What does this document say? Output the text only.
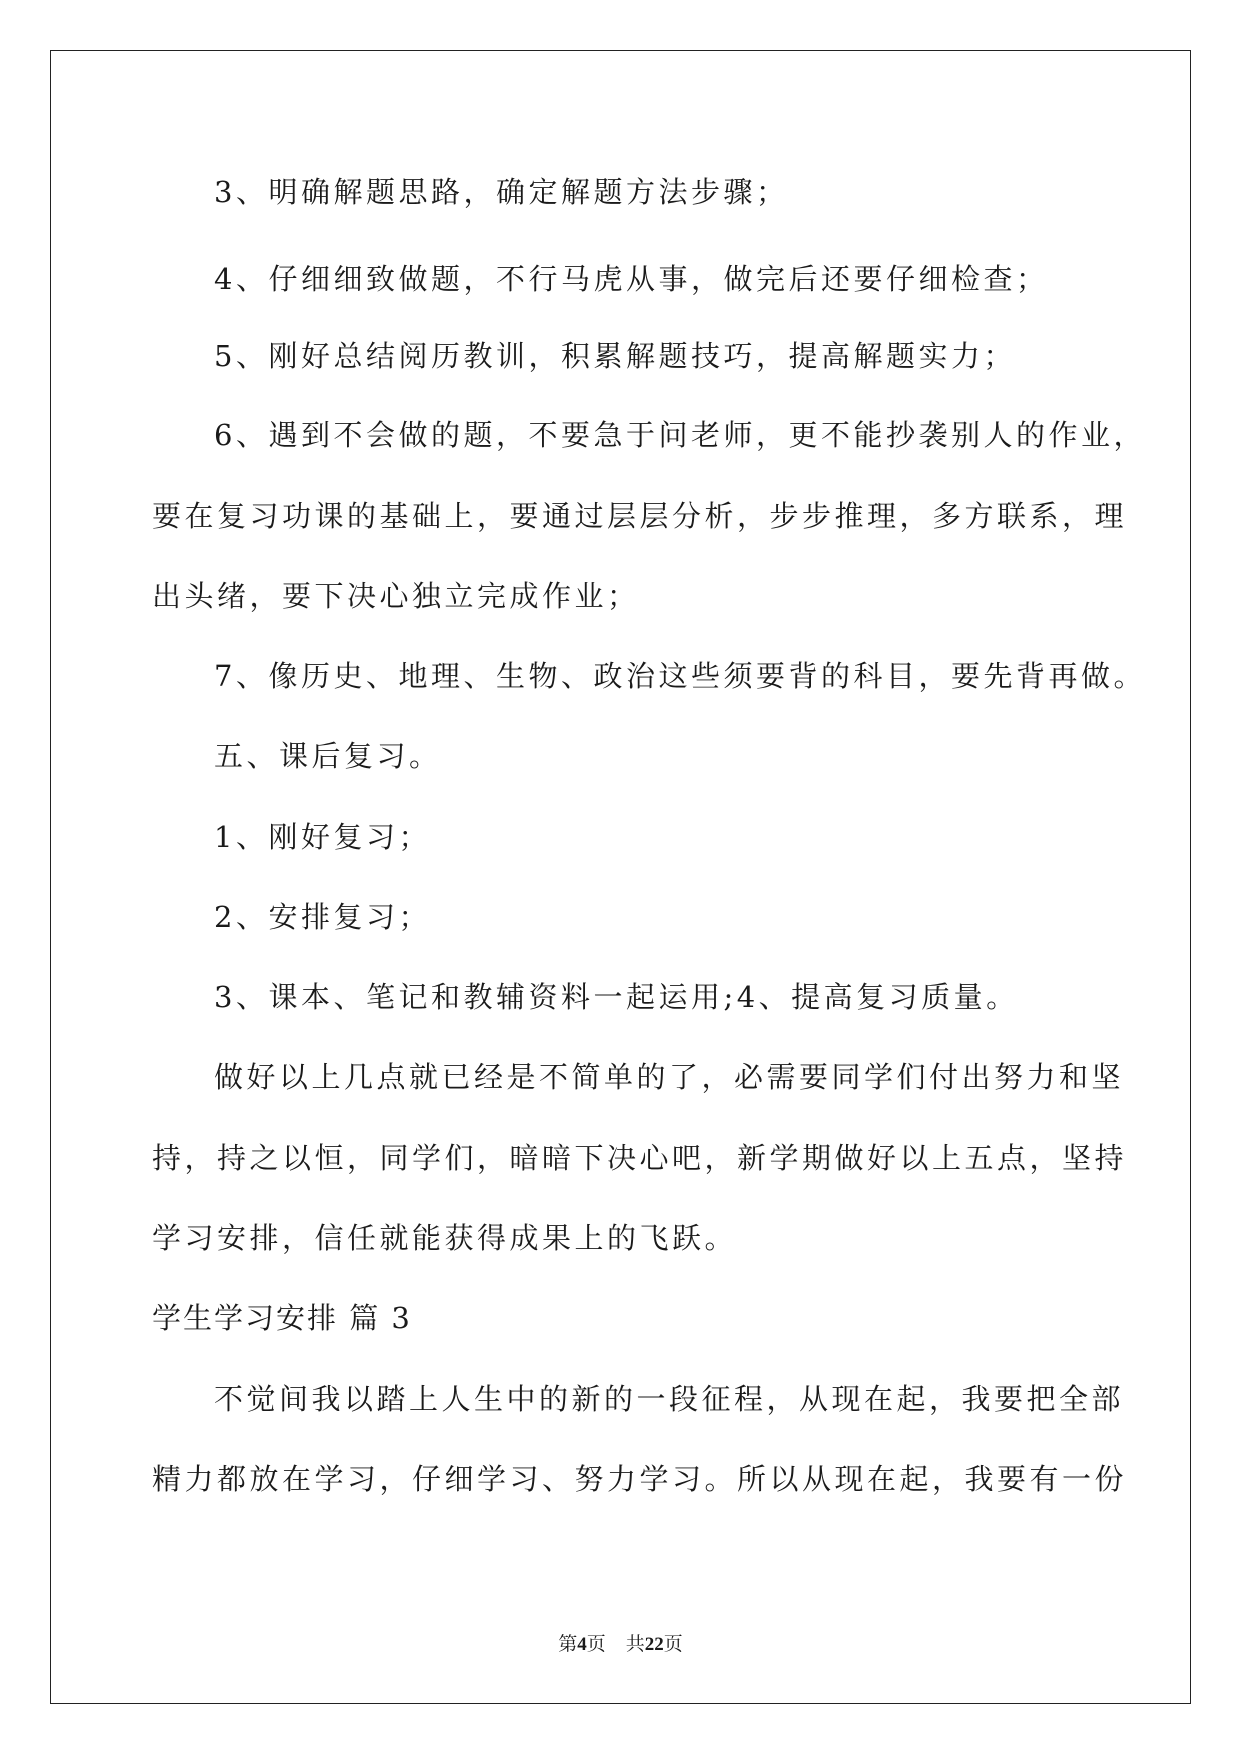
3、明确解题思路，确定解题方法步骤；
4、仔细细致做题，不行马虎从事，做完后还要仔细检查；
5、刚好总结阅历教训，积累解题技巧，提高解题实力；
6、遇到不会做的题，不要急于问老师，更不能抄袭别人的作业，
要在复习功课的基础上，要通过层层分析，步步推理，多方联系，理
出头绪，要下决心独立完成作业；
7、像历史、地理、生物、政治这些须要背的科目，要先背再做。
五、课后复习。
1、刚好复习；
2、安排复习；
3、课本、笔记和教辅资料一起运用;4、提高复习质量。
做好以上几点就已经是不简单的了，必需要同学们付出努力和坚
持，持之以恒，同学们，暗暗下决心吧，新学期做好以上五点，坚持
学习安排，信任就能获得成果上的飞跃。
学生学习安排 篇 3
不觉间我以踏上人生中的新的一段征程，从现在起，我要把全部
精力都放在学习，仔细学习、努力学习。所以从现在起，我要有一份
第4页 共22页
